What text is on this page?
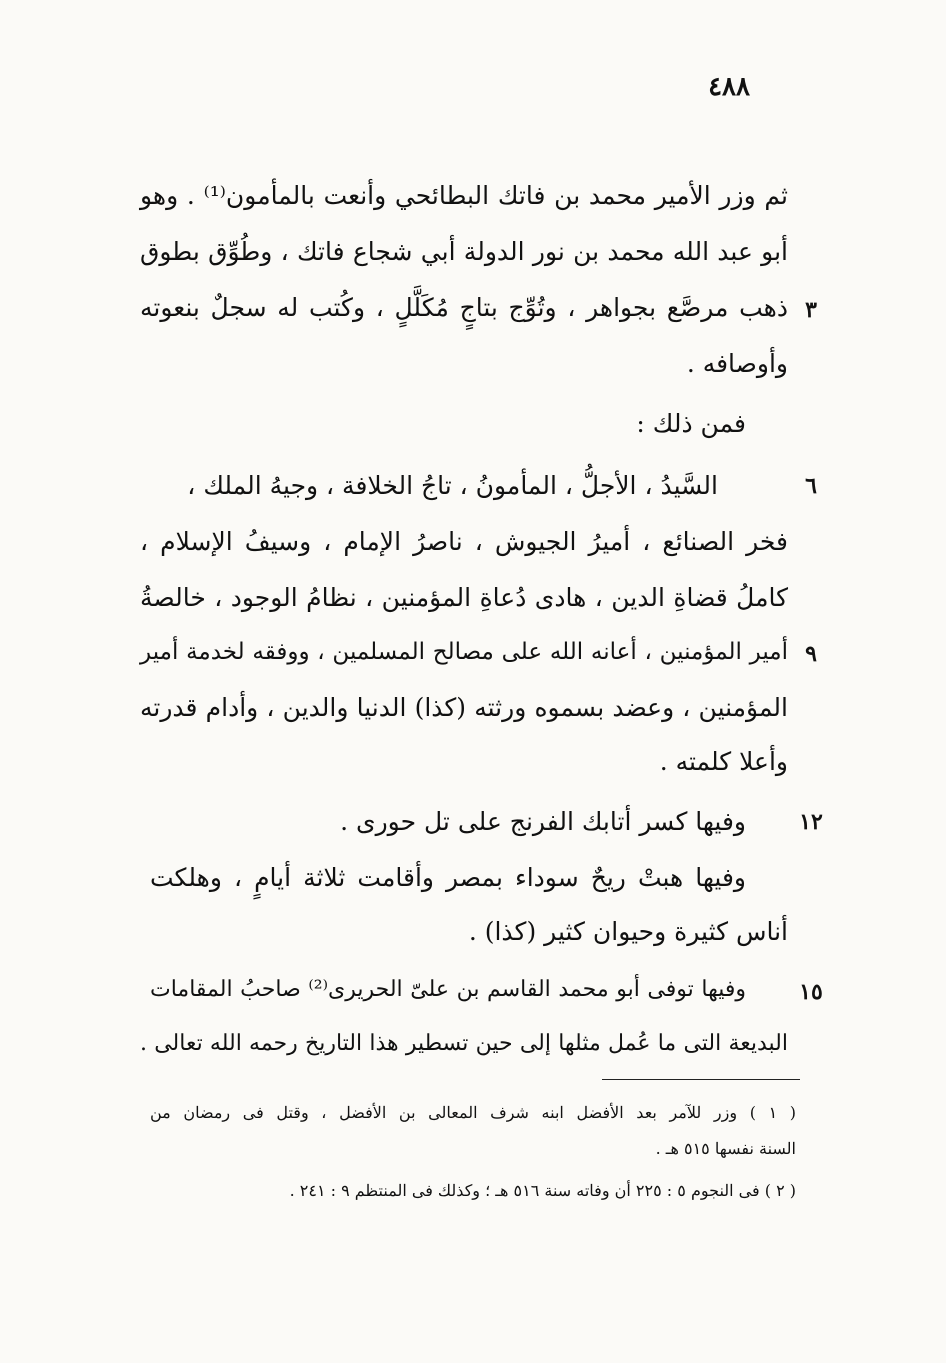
٤٨٨
ثم وزر الأمير محمد بن فاتك البطائحي وأنعت بالمأمون⁽¹⁾ . وهو
أبو عبد الله محمد بن نور الدولة أبي شجاع فاتك ، وطُوِّق بطوق
ذهب مرصَّع بجواهر ، وتُوِّج بتاجٍ مُكَلَّلٍ ، وكُتب له سجلٌ بنعوته
وأوصافه .
فمن ذلك :
السَّيدُ ، الأجلُّ ، المأمونُ ، تاجُ الخلافة ، وجيهُ الملك ،
فخر الصنائع ، أميرُ الجيوش ، ناصرُ الإمام ، وسيفُ الإسلام ،
كاملُ قضاةِ الدين ، هادى دُعاةِ المؤمنين ، نظامُ الوجود ، خالصةُ
أمير المؤمنين ، أعانه الله على مصالح المسلمين ، ووفقه لخدمة أمير
المؤمنين ، وعضد بسموه ورثته (كذا) الدنيا والدين ، وأدام قدرته
وأعلا كلمته .
وفيها كسر أتابك الفرنج على تل حورى .
وفيها هبتْ ريحٌ سوداء بمصر وأقامت ثلاثة أيامٍ ، وهلكت
أناس كثيرة وحيوان كثير (كذا) .
وفيها توفى أبو محمد القاسم بن علىّ الحريرى⁽²⁾ صاحبُ المقامات
البديعة التى ما عُمل مثلها إلى حين تسطير هذا التاريخ رحمه الله تعالى .
٣
٦
٩
١٢
١٥
( ١ ) وزر للآمر بعد الأفضل ابنه شرف المعالى بن الأفضل ، وقتل فى رمضان من
السنة نفسها ٥١٥ هـ .
( ٢ ) فى النجوم ٥ : ٢٢٥ أن وفاته سنة ٥١٦ هـ ؛ وكذلك فى المنتظم ٩ : ٢٤١ .
